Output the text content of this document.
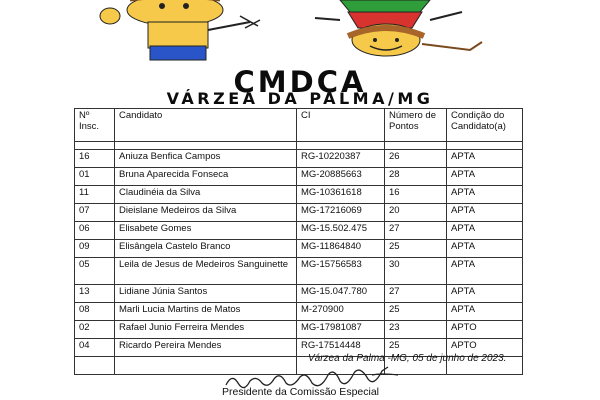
CMDCA
VÁRZEA DA PALMA/MG
Nº Insc.	Candidato	CI	Número de Pontos	Condição do Candidato(a)

16	Aniuza Benfica Campos	RG-10220387	26	APTA
01	Bruna Aparecida Fonseca	MG-20885663	28	APTA
11	Claudinéia da Silva	MG-10361618	16	APTA
07	Dieislane Medeiros da Silva	MG-17216069	20	APTA
06	Elisabete Gomes	MG-15.502.475	27	APTA
09	Elisângela Castelo Branco	MG-11864840	25	APTA
05	Leila de Jesus de Medeiros Sanguinette	MG-15756583	30	APTA
13	Lidiane Júnia Santos	MG-15.047.780	27	APTA
08	Marli Lucia Martins de Matos	M-270900	25	APTA
02	Rafael Junio Ferreira Mendes	MG-17981087	23	APTO
04	Ricardo Pereira Mendes	RG-17514448	25	APTO

Várzea da Palma -MG, 05 de junho de 2023.
Presidente da Comissão Especial
